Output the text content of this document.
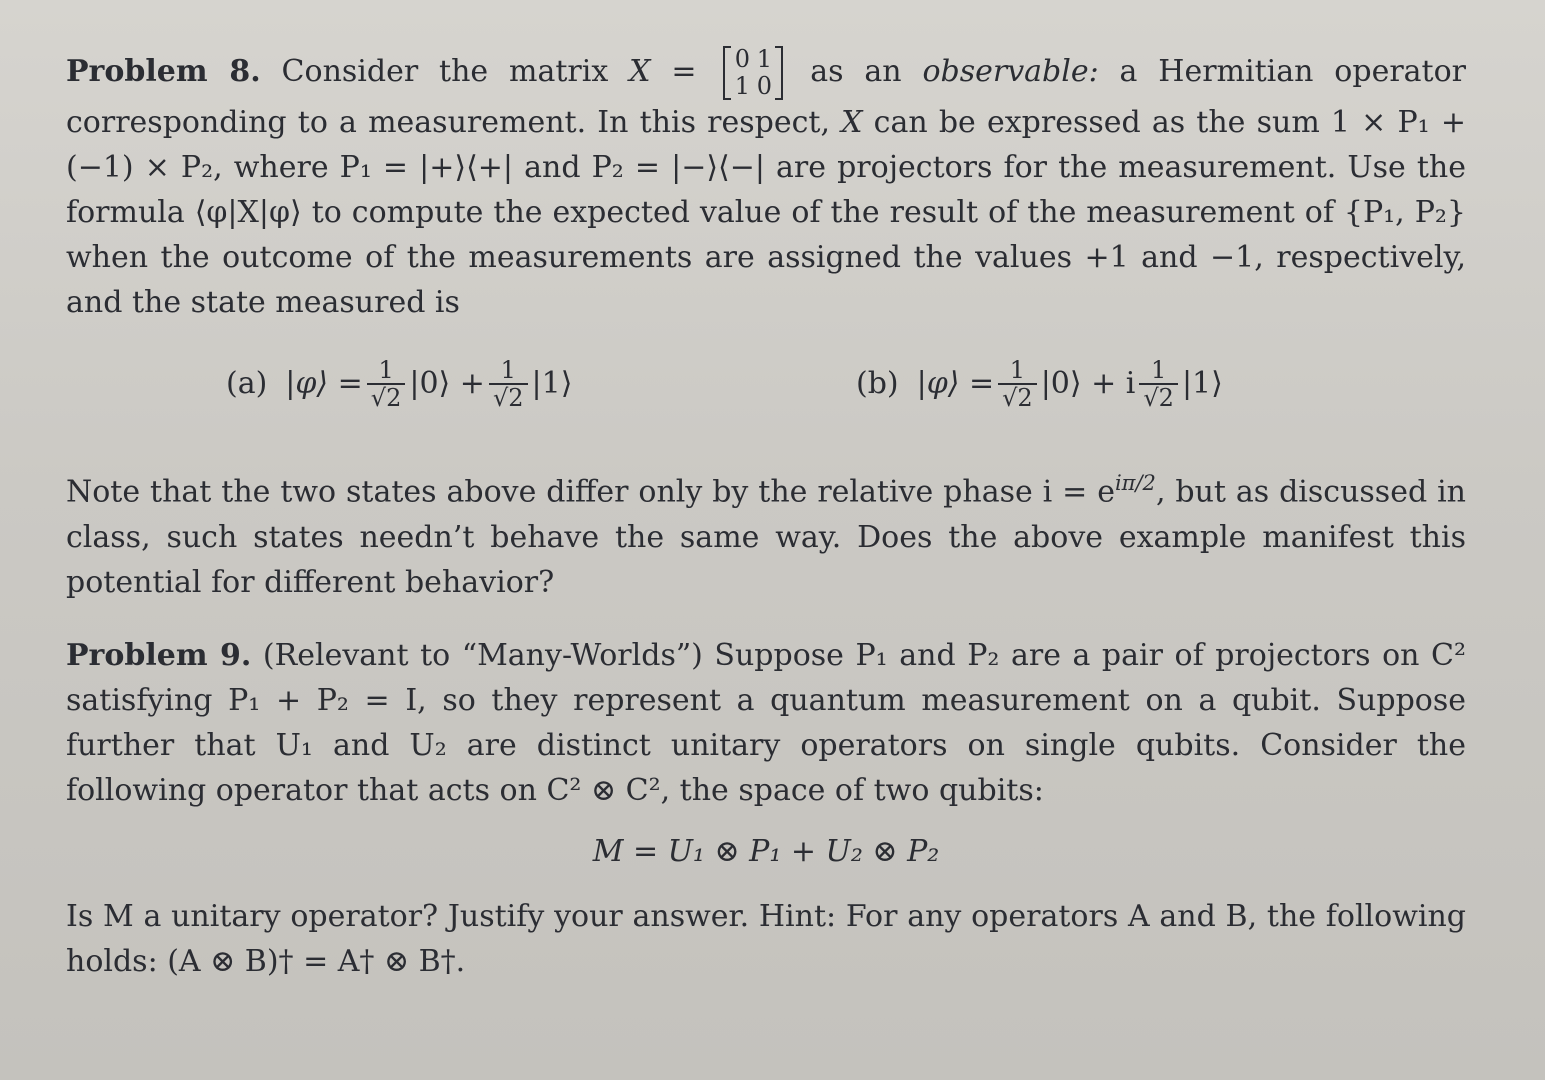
Problem 8. Consider the matrix X = 0 1
1 0 as an observable: a Hermitian operator corresponding to a measurement. In this respect, X can be expressed as the sum 1 × P₁ + (−1) × P₂, where P₁ = |+⟩⟨+| and P₂ = |−⟩⟨−| are projectors for the measurement. Use the formula ⟨φ|X|φ⟩ to compute the expected value of the result of the measurement of {P₁, P₂} when the outcome of the measurements are assigned the values +1 and −1, respectively, and the state measured is

(a) |φ⟩ = $\frac{1}{√2}$ |0⟩ + $\frac{1}{√2}$ |1⟩	(b) |φ⟩ = $\frac{1}{√2}$ |0⟩ + i $\frac{1}{√2}$ |1⟩

Note that the two states above differ only by the relative phase $i = e^{i\pi/2}$, but as discussed in class, such states needn’t behave the same way. Does the above example manifest this potential for different behavior?

Problem 9. (Relevant to “Many-Worlds”) Suppose P₁ and P₂ are a pair of projectors on C² satisfying P₁ + P₂ = I, so they represent a quantum measurement on a qubit. Suppose further that U₁ and U₂ are distinct unitary operators on single qubits. Consider the following operator that acts on C² ⊗ C², the space of two qubits:

M = U₁ ⊗ P₁ + U₂ ⊗ P₂

Is M a unitary operator? Justify your answer. Hint: For any operators A and B, the following holds: (A ⊗ B)† = A† ⊗ B†.
